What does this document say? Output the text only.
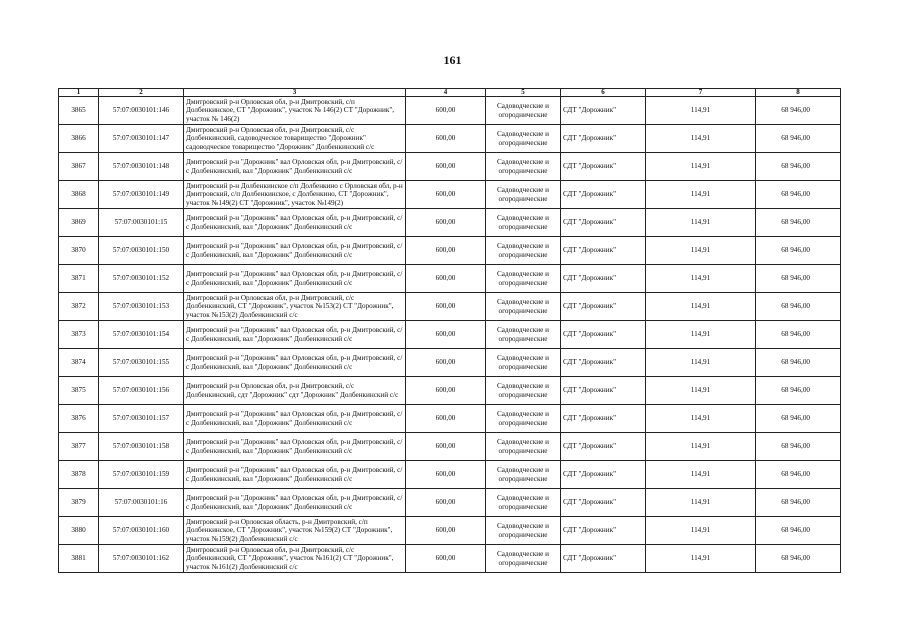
161
1	2	3	4	5	6	7	8
3865	57:07:0030101:146	Дмитровский р-н Орловская обл, р-н Дмитровский, с/п Долбенкинское, СТ "Дорожник", участок № 146(2) СТ "Дорожник", участок № 146(2)	600,00	Садоводческие и огороднические	СДТ "Дорожник"	114,91	68 946,00
3866	57:07:0030101:147	Дмитровский р-н Орловская обл, р-н Дмитровский, с/с Долбенкинский, садоводческое товарищество "Дорожник" садоводческое товарищество "Дорожник" Долбенкинский с/с	600,00	Садоводческие и огороднические	СДТ "Дорожник"	114,91	68 946,00
3867	57:07:0030101:148	Дмитровский р-н "Дорожник" вал Орловская обл, р-н Дмитровский, с/с Долбенкинский, вал "Дорожник" Долбенкинский с/с	600,00	Садоводческие и огороднические	СДТ "Дорожник"	114,91	68 946,00
3868	57:07:0030101:149	Дмитровский р-н Долбенкинское с/п Долбенкино с Орловская обл, р-н Дмитровский, с/п Долбенкинское, с Долбенкино, СТ "Дорожник", участок №149(2) СТ "Дорожник", участок №149(2)	600,00	Садоводческие и огороднические	СДТ "Дорожник"	114,91	68 946,00
3869	57:07:0030101:15	Дмитровский р-н "Дорожник" вал Орловская обл, р-н Дмитровский, с/с Долбенкинский, вал "Дорожник" Долбенкинский с/с	600,00	Садоводческие и огороднические	СДТ "Дорожник"	114,91	68 946,00
3870	57:07:0030101:150	Дмитровский р-н "Дорожник" вал Орловская обл, р-н Дмитровский, с/с Долбенкинский, вал "Дорожник" Долбенкинский с/с	600,00	Садоводческие и огороднические	СДТ "Дорожник"	114,91	68 946,00
3871	57:07:0030101:152	Дмитровский р-н "Дорожник" вал Орловская обл, р-н Дмитровский, с/с Долбенкинский, вал "Дорожник" Долбенкинский с/с	600,00	Садоводческие и огороднические	СДТ "Дорожник"	114,91	68 946,00
3872	57:07:0030101:153	Дмитровский р-н Орловская обл, р-н Дмитровский, с/с Долбенкинский, СТ "Дорожник", участок №153(2) СТ "Дорожник", участок №153(2) Долбенкинский с/с	600,00	Садоводческие и огороднические	СДТ "Дорожник"	114,91	68 946,00
3873	57:07:0030101:154	Дмитровский р-н "Дорожник" вал Орловская обл, р-н Дмитровский, с/с Долбенкинский, вал "Дорожник" Долбенкинский с/с	600,00	Садоводческие и огороднические	СДТ "Дорожник"	114,91	68 946,00
3874	57:07:0030101:155	Дмитровский р-н "Дорожник" вал Орловская обл, р-н Дмитровский, с/с Долбенкинский, вал "Дорожник" Долбенкинский с/с	600,00	Садоводческие и огороднические	СДТ "Дорожник"	114,91	68 946,00
3875	57:07:0030101:156	Дмитровский р-н Орловская обл, р-н Дмитровский, с/с Долбенкинский, сдт "Дорожник" сдт "Дорожник" Долбенкинский с/с	600,00	Садоводческие и огороднические	СДТ "Дорожник"	114,91	68 946,00
3876	57:07:0030101:157	Дмитровский р-н "Дорожник" вал Орловская обл, р-н Дмитровский, с/с Долбенкинский, вал "Дорожник" Долбенкинский с/с	600,00	Садоводческие и огороднические	СДТ "Дорожник"	114,91	68 946,00
3877	57:07:0030101:158	Дмитровский р-н "Дорожник" вал Орловская обл, р-н Дмитровский, с/с Долбенкинский, вал "Дорожник" Долбенкинский с/с	600,00	Садоводческие и огороднические	СДТ "Дорожник"	114,91	68 946,00
3878	57:07:0030101:159	Дмитровский р-н "Дорожник" вал Орловская обл, р-н Дмитровский, с/с Долбенкинский, вал "Дорожник" Долбенкинский с/с	600,00	Садоводческие и огороднические	СДТ "Дорожник"	114,91	68 946,00
3879	57:07:0030101:16	Дмитровский р-н "Дорожник" вал Орловская обл, р-н Дмитровский, с/с Долбенкинский, вал "Дорожник" Долбенкинский с/с	600,00	Садоводческие и огороднические	СДТ "Дорожник"	114,91	68 946,00
3880	57:07:0030101:160	Дмитровский р-н Орловская область, р-н Дмитровский, с/п Долбенкинское, СТ "Дорожник", участок №159(2) СТ "Дорожник", участок №159(2) Долбенкинский с/с	600,00	Садоводческие и огороднические	СДТ "Дорожник"	114,91	68 946,00
3881	57:07:0030101:162	Дмитровский р-н Орловская обл, р-н Дмитровский, с/с Долбенкинский, СТ "Дорожник", участок №161(2) СТ "Дорожник", участок №161(2) Долбенкинский с/с	600,00	Садоводческие и огороднические	СДТ "Дорожник"	114,91	68 946,00
